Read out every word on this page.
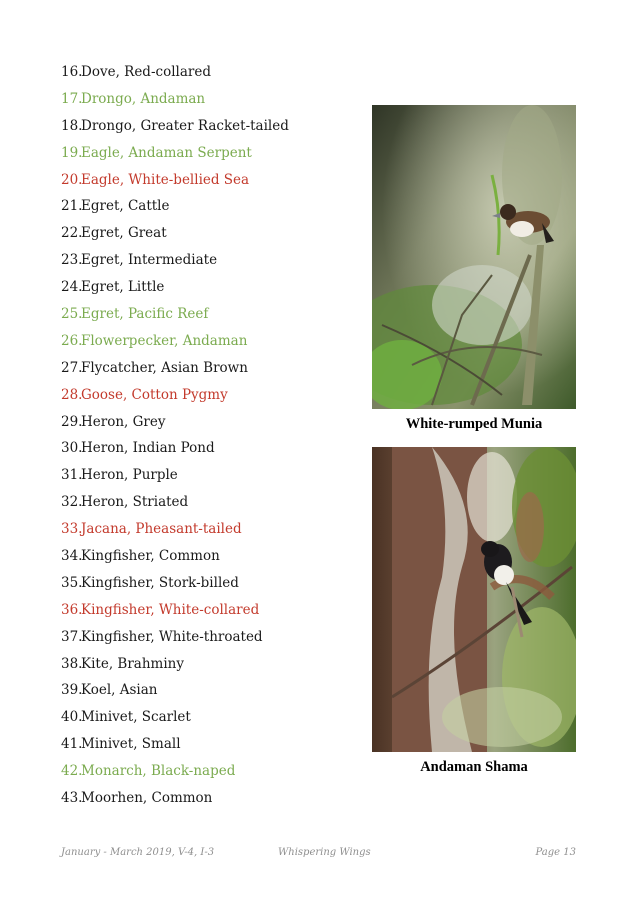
16.Dove, Red-collared
17.Drongo, Andaman
18.Drongo, Greater Racket-tailed
19.Eagle, Andaman Serpent
20.Eagle, White-bellied Sea
21.Egret, Cattle
22.Egret, Great
23.Egret, Intermediate
24.Egret, Little
25.Egret, Pacific Reef
26.Flowerpecker, Andaman
27.Flycatcher, Asian Brown
28.Goose, Cotton Pygmy
29.Heron, Grey
30.Heron, Indian Pond
31.Heron, Purple
32.Heron, Striated
33.Jacana, Pheasant-tailed
34.Kingfisher, Common
35.Kingfisher, Stork-billed
36.Kingfisher, White-collared
37.Kingfisher, White-throated
38.Kite, Brahminy
39.Koel, Asian
40.Minivet, Scarlet
41.Minivet, Small
42.Monarch, Black-naped
43.Moorhen, Common
White-rumped Munia
Andaman Shama
January - March 2019, V-4, I-3	Whispering Wings	Page 13
